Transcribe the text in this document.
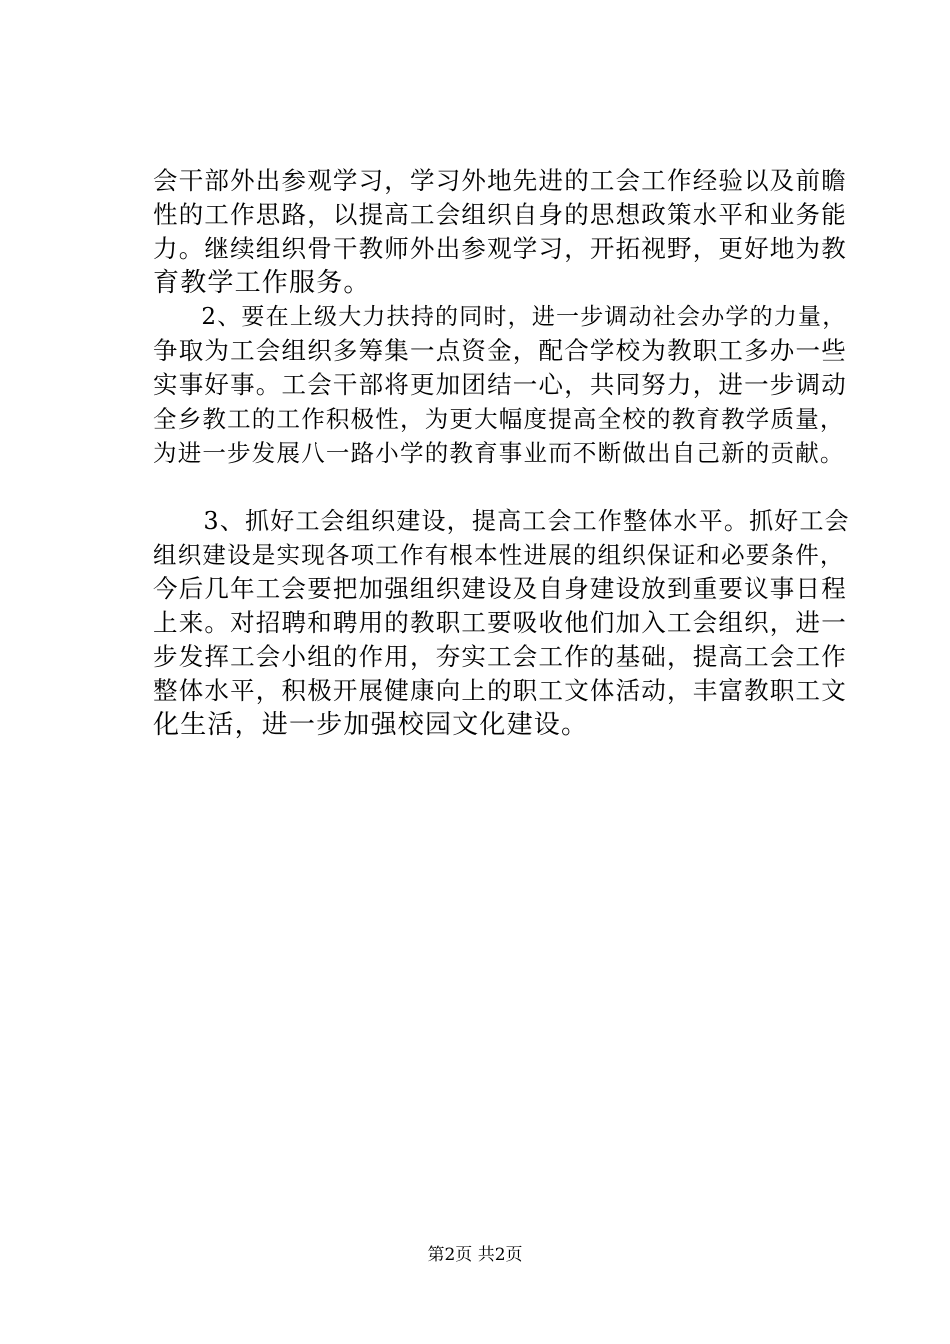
会干部外出参观学习，学习外地先进的工会工作经验以及前瞻
性的工作思路，以提高工会组织自身的思想政策水平和业务能
力。继续组织骨干教师外出参观学习，开拓视野，更好地为教
育教学工作服务。
　　2、要在上级大力扶持的同时，进一步调动社会办学的力量，
争取为工会组织多筹集一点资金，配合学校为教职工多办一些
实事好事。工会干部将更加团结一心，共同努力，进一步调动
全乡教工的工作积极性，为更大幅度提高全校的教育教学质量，
为进一步发展八一路小学的教育事业而不断做出自己新的贡献。
　　3、抓好工会组织建设，提高工会工作整体水平。抓好工会
组织建设是实现各项工作有根本性进展的组织保证和必要条件，
今后几年工会要把加强组织建设及自身建设放到重要议事日程
上来。对招聘和聘用的教职工要吸收他们加入工会组织，进一
步发挥工会小组的作用，夯实工会工作的基础，提高工会工作
整体水平，积极开展健康向上的职工文体活动，丰富教职工文
化生活，进一步加强校园文化建设。
第2页 共2页
